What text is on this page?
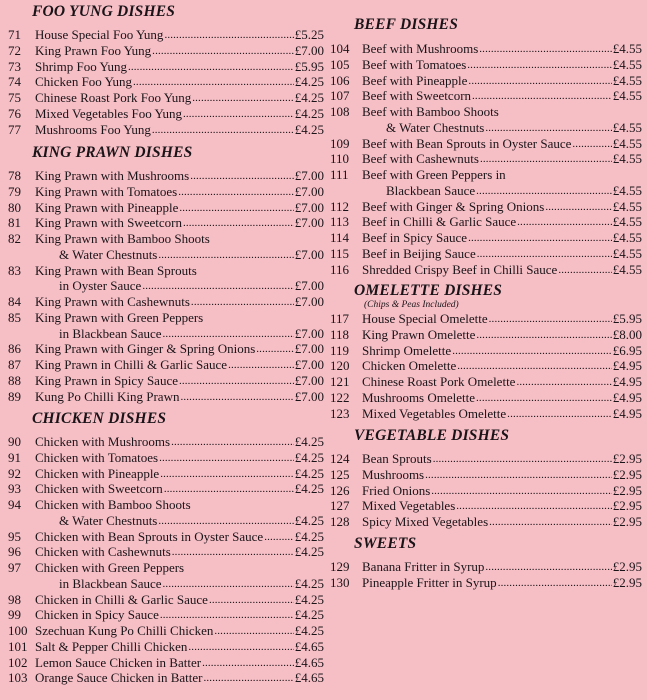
FOO YUNG DISHES
71	House Special Foo Yung . . .	£5.25
72	King Prawn Foo Yung . . .	£7.00
73	Shrimp Foo Yung . . .	£5.95
74	Chicken Foo Yung . . .	£4.25
75	Chinese Roast Pork Foo Yung . . .	£4.25
76	Mixed Vegetables Foo Yung . . .	£4.25
77	Mushrooms Foo Yung . . .	£4.25
KING PRAWN DISHES
78	King Prawn with Mushrooms . . .	£7.00
79	King Prawn with Tomatoes . . .	£7.00
80	King Prawn with Pineapple . . .	£7.00
81	King Prawn with Sweetcorn . . .	£7.00
82	King Prawn with Bamboo Shoots
& Water Chestnuts . . .	£7.00
83	King Prawn with Bean Sprouts
in Oyster Sauce . . .	£7.00
84	King Prawn with Cashewnuts . . .	£7.00
85	King Prawn with Green Peppers
in Blackbean Sauce . . .	£7.00
86	King Prawn with Ginger & Spring Onions . . .	£7.00
87	King Prawn in Chilli & Garlic Sauce . . .	£7.00
88	King Prawn in Spicy Sauce . . .	£7.00
89	Kung Po Chilli King Prawn . . .	£7.00
CHICKEN DISHES
90	Chicken with Mushrooms . . .	£4.25
91	Chicken with Tomatoes . . .	£4.25
92	Chicken with Pineapple . . .	£4.25
93	Chicken with Sweetcorn . . .	£4.25
94	Chicken with Bamboo Shoots
& Water Chestnuts . . .	£4.25
95	Chicken with Bean Sprouts in Oyster Sauce . . . £4.25
96	Chicken with Cashewnuts . . .	£4.25
97	Chicken with Green Peppers
in Blackbean Sauce . . .	£4.25
98	Chicken in Chilli & Garlic Sauce . . .	£4.25
99	Chicken in Spicy Sauce . . .	£4.25
100 Szechuan Kung Po Chilli Chicken . . .	£4.25
101 Salt & Pepper Chilli Chicken . . .	£4.65
102 Lemon Sauce Chicken in Batter . . .	£4.65
103 Orange Sauce Chicken in Batter . . .	£4.65
BEEF DISHES
104 Beef with Mushrooms . . .	£4.55
105 Beef with Tomatoes . . .	£4.55
106 Beef with Pineapple . . .	£4.55
107 Beef with Sweetcorn . . .	£4.55
108 Beef with Bamboo Shoots
& Water Chestnuts . . .	£4.55
109 Beef with Bean Sprouts in Oyster Sauce . . .	£4.55
110 Beef with Cashewnuts . . .	£4.55
111	Beef with Green Peppers in
Blackbean Sauce . . .	£4.55
112 Beef with Ginger & Spring Onions . . .	£4.55
113 Beef in Chilli & Garlic Sauce . . .	£4.55
114 Beef in Spicy Sauce . . .	£4.55
115 Beef in Beijing Sauce . . .	£4.55
116 Shredded Crispy Beef in Chilli Sauce . . .	£4.55
OMELETTE DISHES
(Chips & Peas Included)
117 House Special Omelette . . .	£5.95
118 King Prawn Omelette . . .	£8.00
119 Shrimp Omelette . . .	£6.95
120 Chicken Omelette . . .	£4.95
121 Chinese Roast Pork Omelette . . .	£4.95
122 Mushrooms Omelette . . .	£4.95
123 Mixed Vegetables Omelette . . .	£4.95
VEGETABLE DISHES
124 Bean Sprouts . . .	£2.95
125 Mushrooms . . .	£2.95
126 Fried Onions . . .	£2.95
127 Mixed Vegetables . . .	£2.95
128 Spicy Mixed Vegetables . . .	£2.95
SWEETS
129 Banana Fritter in Syrup . . .	£2.95
130 Pineapple Fritter in Syrup . . .	£2.95
